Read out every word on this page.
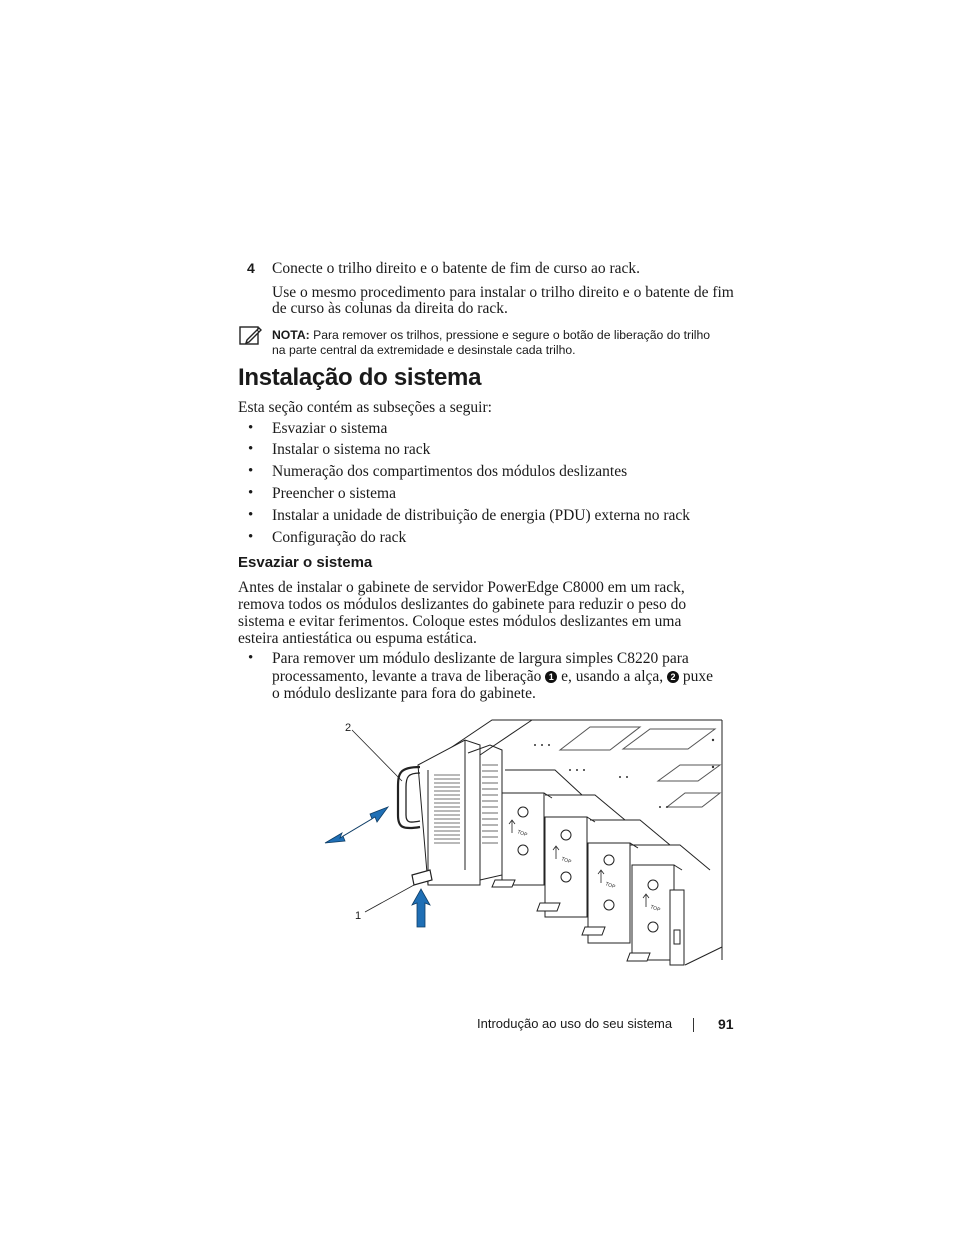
4 Conecte o trilho direito e o batente de fim de curso ao rack.
Use o mesmo procedimento para instalar o trilho direito e o batente de fim
de curso às colunas da direita do rack.
NOTA: Para remover os trilhos, pressione e segure o botão de liberação do trilho
na parte central da extremidade e desinstale cada trilho.
Instalação do sistema
Esta seção contém as subseções a seguir:
• Esvaziar o sistema
• Instalar o sistema no rack
• Numeração dos compartimentos dos módulos deslizantes
• Preencher o sistema
• Instalar a unidade de distribuição de energia (PDU) externa no rack
• Configuração do rack
Esvaziar o sistema
Antes de instalar o gabinete de servidor PowerEdge C8000 em um rack,
remova todos os módulos deslizantes do gabinete para reduzir o peso do
sistema e evitar ferimentos. Coloque estes módulos deslizantes em uma
esteira antiestática ou espuma estática.
• Para remover um módulo deslizante de largura simples C8220 para
processamento, levante a trava de liberação 1 e, usando a alça, 2 puxe
o módulo deslizante para fora do gabinete.
2
1
TOP
TOP
TOP
TOP
Introdução ao uso do seu sistema	91
